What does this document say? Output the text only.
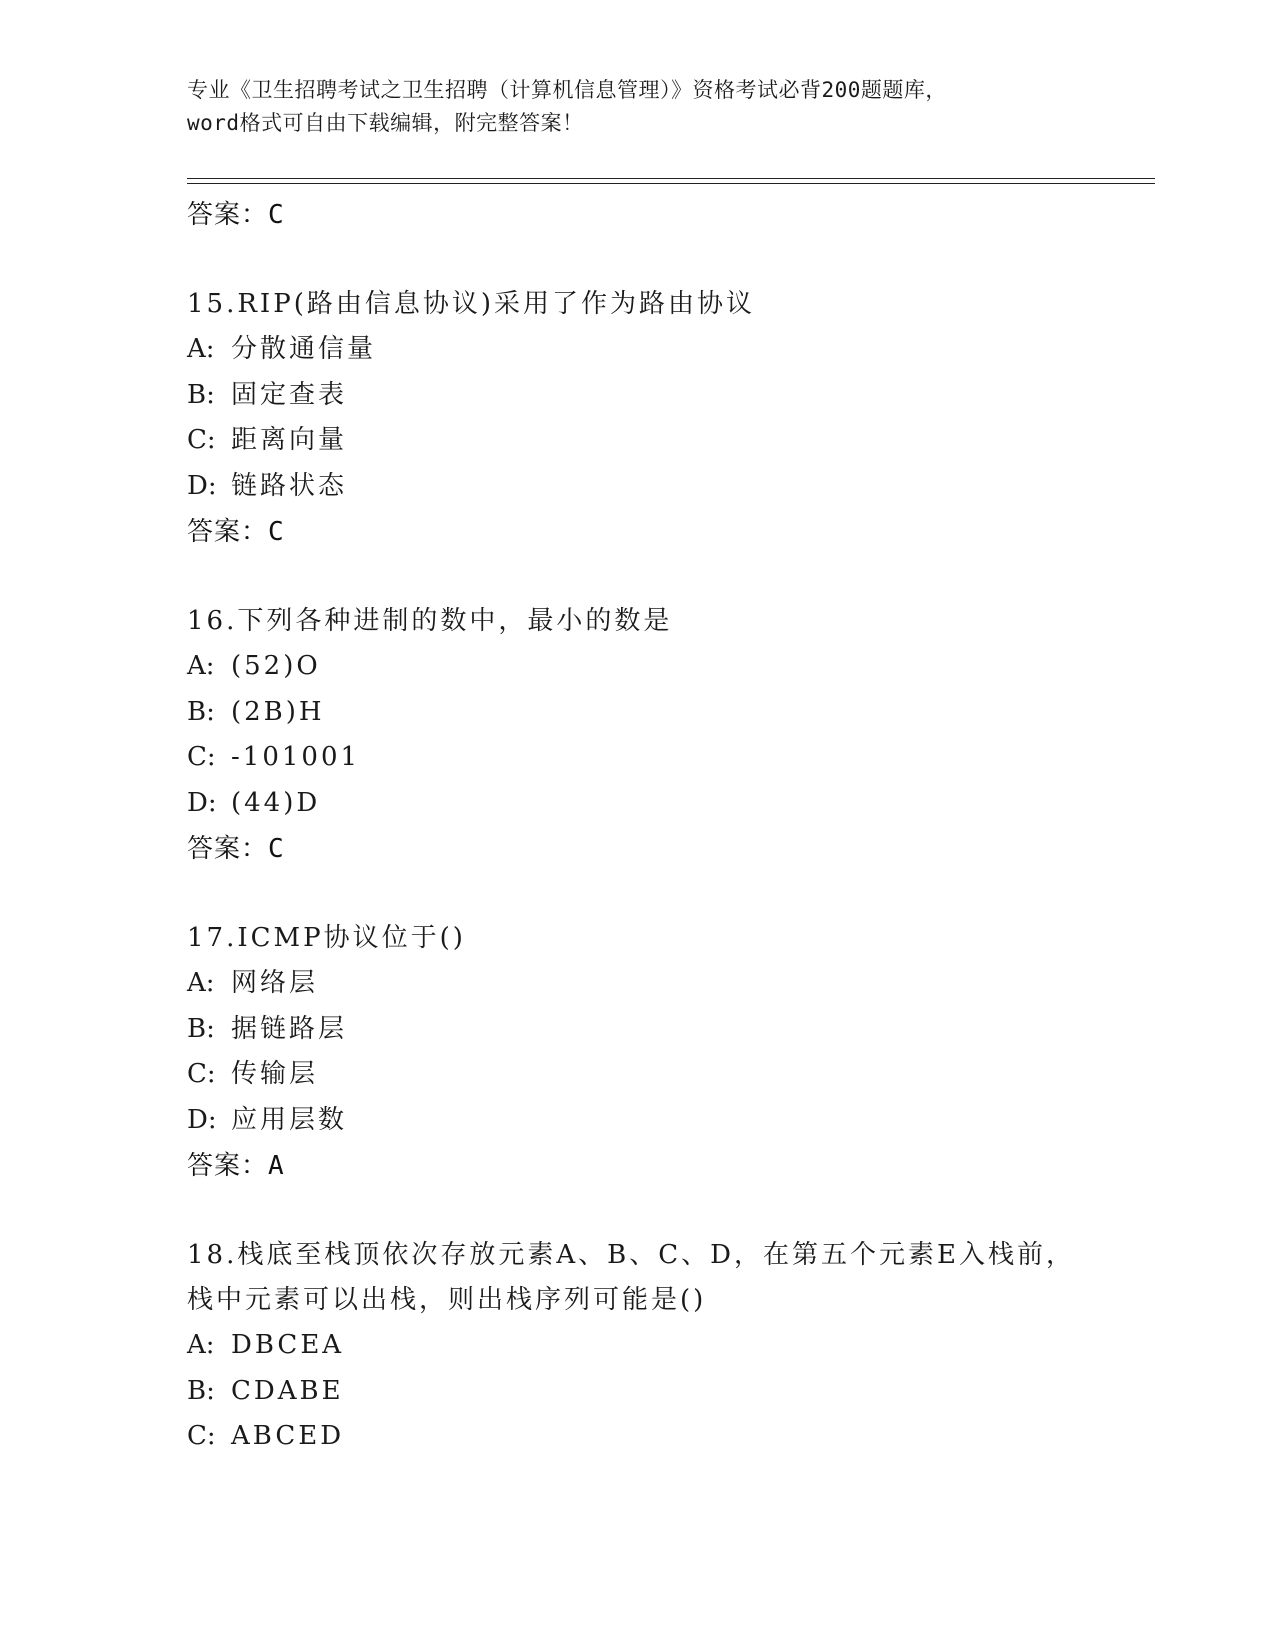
专业《卫生招聘考试之卫生招聘（计算机信息管理）》资格考试必背200题题库，
word格式可自由下载编辑，附完整答案！

答案：C

15.RIP(路由信息协议)采用了作为路由协议

A: 分散通信量
B: 固定查表
C: 距离向量
D: 链路状态

答案：C

16.下列各种进制的数中，最小的数是

A: (52)O
B: (2B)H
C: -101001
D: (44)D

答案：C

17.ICMP协议位于()

A: 网络层
B: 据链路层
C: 传输层
D: 应用层数

答案：A

18.栈底至栈顶依次存放元素A、B、C、D，在第五个元素E入栈前，栈中元素可以出栈，则出栈序列可能是()

A: DBCEA
B: CDABE
C: ABCED
